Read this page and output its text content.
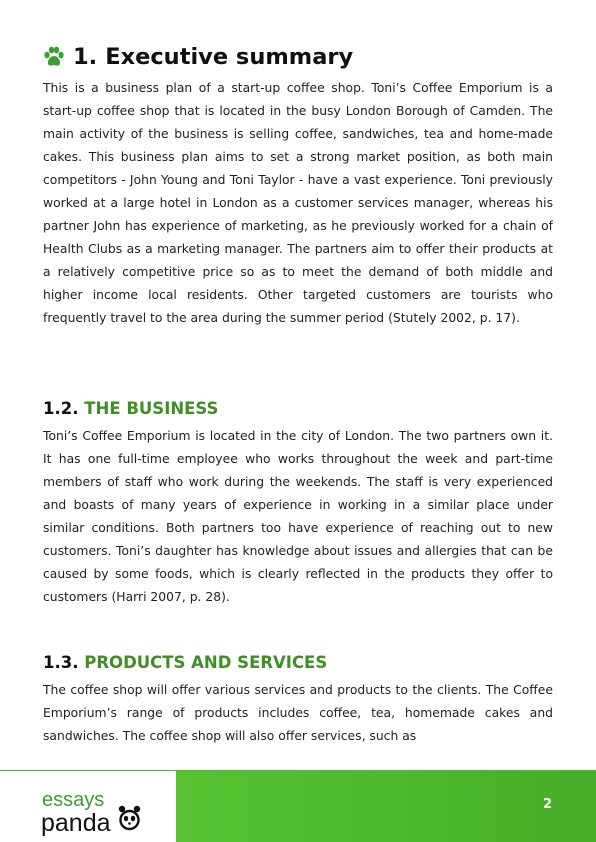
1. Executive summary

This is a business plan of a start-up coffee shop. Toni’s Coffee Emporium is a start-up coffee shop that is located in the busy London Borough of Camden. The main activity of the business is selling coffee, sandwiches, tea and home-made cakes. This business plan aims to set a strong market position, as both main competitors - John Young and Toni Taylor - have a vast experience. Toni previously worked at a large hotel in London as a customer services manager, whereas his partner John has experience of marketing, as he previously worked for a chain of Health Clubs as a marketing manager. The partners aim to offer their products at a relatively competitive price so as to meet the demand of both middle and higher income local residents. Other targeted customers are tourists who frequently travel to the area during the summer period (Stutely 2002, p. 17).

1.2. THE BUSINESS

Toni’s Coffee Emporium is located in the city of London. The two partners own it. It has one full-time employee who works throughout the week and part-time members of staff who work during the weekends. The staff is very experienced and boasts of many years of experience in working in a similar place under similar conditions. Both partners too have experience of reaching out to new customers. Toni’s daughter has knowledge about issues and allergies that can be caused by some foods, which is clearly reflected in the products they offer to customers (Harri 2007, p. 28).

1.3. PRODUCTS AND SERVICES

The coffee shop will offer various services and products to the clients. The Coffee Emporium’s range of products includes coffee, tea, homemade cakes and sandwiches. The coffee shop will also offer services, such as

2
essays
panda
